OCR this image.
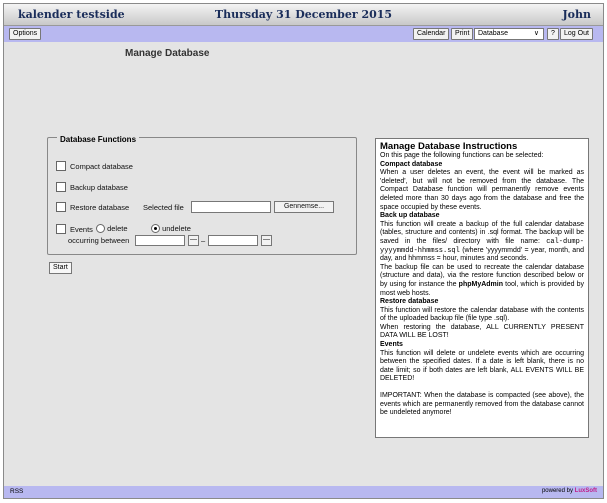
kalender testside	Thursday 31 December 2015	John
Options	Calendar	Print	Database	∨	?	Log Out
Manage Database
Database Functions
Compact database
Backup database
Restore database Selected file	Gennemse...
Events	delete	undelete
occurring between	— –	—
Start
Manage Database Instructions

On this page the following functions can be selected:

Compact database

When a user deletes an event, the event will be marked as 'deleted', but will not be removed from the database. The Compact Database function will permanently remove events deleted more than 30 days ago from the database and free the space occupied by these events.

Back up database

This function will create a backup of the full calendar database (tables, structure and contents) in .sql format. The backup will be saved in the files/ directory with file name: cal-dump-yyyymmdd-hhmmss.sql (where 'yyyymmdd' = year, month, and day, and hhmmss = hour, minutes and seconds.

The backup file can be used to recreate the calendar database (structure and data), via the restore function described below or by using for instance the phpMyAdmin tool, which is provided by most web hosts.

Restore database

This function will restore the calendar database with the contents of the uploaded backup file (file type .sql).

When restoring the database, ALL CURRENTLY PRESENT DATA WILL BE LOST!

Events

This function will delete or undelete events which are occurring between the specified dates. If a date is left blank, there is no date limit; so if both dates are left blank, ALL EVENTS WILL BE DELETED!

IMPORTANT: When the database is compacted (see above), the events which are permanently removed from the database cannot be undeleted anymore!

RSS	powered by LuxSoft
